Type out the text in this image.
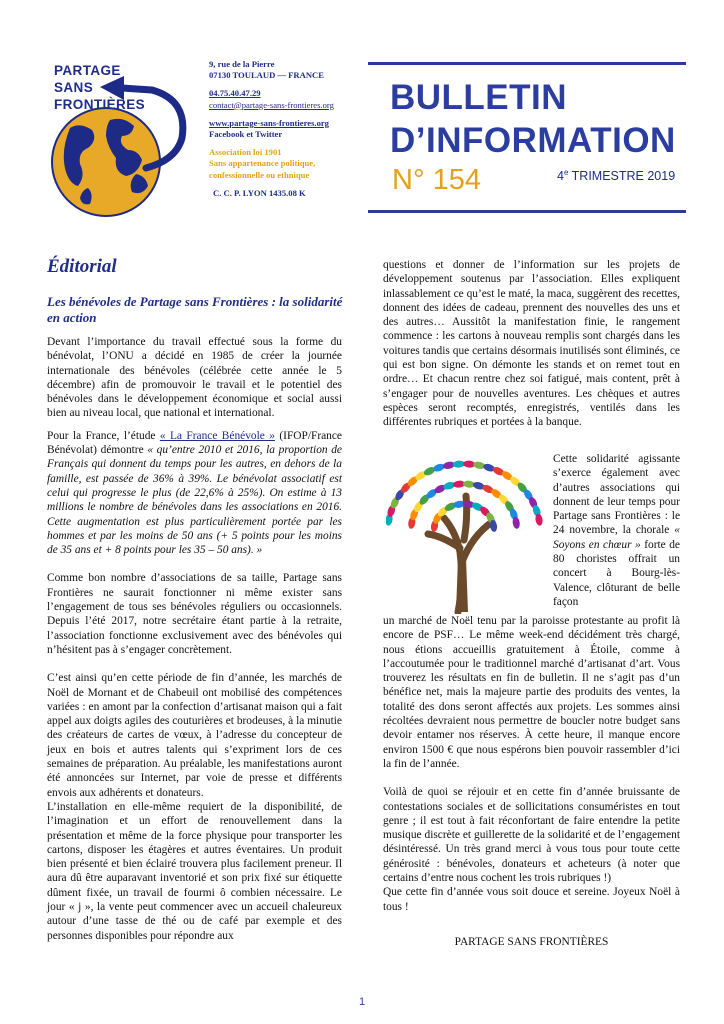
PARTAGE
SANS
FRONTIÈRES
9, rue de la Pierre
07130 TOULAUD — FRANCE
04.75.40.47.29
contact@partage-sans-frontieres.org
www.partage-sans-frontieres.org
Facebook et Twitter
Association loi 1901
Sans appartenance politique,
confessionnelle ou ethnique
C. C. P. LYON 1435.08 K
BULLETIN
D’INFORMATION
N° 154	4e TRIMESTRE 2019
Éditorial
Les bénévoles de Partage sans Frontières : la solidarité en action

Devant l’importance du travail effectué sous la forme du bénévolat, l’ONU a décidé en 1985 de créer la journée internationale des bénévoles (célébrée cette année le 5 décembre) afin de promouvoir le travail et le potentiel des bénévoles dans le développement économique et social aussi bien au niveau local, que national et international.

Pour la France, l’étude « La France Bénévole » (IFOP/France Bénévolat) démontre « qu’entre 2010 et 2016, la proportion de Français qui donnent du temps pour les autres, en dehors de la famille, est passée de 36% à 39%. Le bénévolat associatif est celui qui progresse le plus (de 22,6% à 25%). On estime à 13 millions le nombre de bénévoles dans les associations en 2016. Cette augmentation est plus particulièrement portée par les hommes et par les moins de 50 ans (+ 5 points pour les moins de 35 ans et + 8 points pour les 35 – 50 ans). »

Comme bon nombre d’associations de sa taille, Partage sans Frontières ne saurait fonctionner ni même exister sans l’engagement de tous ses bénévoles réguliers ou occasionnels. Depuis l’été 2017, notre secrétaire étant partie à la retraite, l’association fonctionne exclusivement avec des bénévoles qui n’hésitent pas à s’engager concrètement.

C’est ainsi qu’en cette période de fin d’année, les marchés de Noël de Mornant et de Chabeuil ont mobilisé des compétences variées : en amont par la confection d’artisanat maison qui a fait appel aux doigts agiles des couturières et brodeuses, à la minutie des créateurs de cartes de vœux, à l’adresse du concepteur de jeux en bois et autres talents qui s’expriment lors de ces semaines de préparation. Au préalable, les manifestations auront été annoncées sur Internet, par voie de presse et différents envois aux adhérents et donateurs.

L’installation en elle-même requiert de la disponibilité, de l’imagination et un effort de renouvellement dans la présentation et même de la force physique pour transporter les cartons, disposer les étagères et autres éventaires. Un produit bien présenté et bien éclairé trouvera plus facilement preneur. Il aura dû être auparavant inventorié et son prix fixé sur étiquette dûment fixée, un travail de fourmi ô combien nécessaire. Le jour « j », la vente peut commencer avec un accueil chaleureux autour d’une tasse de thé ou de café par exemple et des personnes disponibles pour répondre aux

questions et donner de l’information sur les projets de développement soutenus par l’association. Elles expliquent inlassablement ce qu’est le maté, la maca, suggèrent des recettes, donnent des idées de cadeau, prennent des nouvelles des uns et des autres… Aussitôt la manifestation finie, le rangement commence : les cartons à nouveau remplis sont chargés dans les voitures tandis que certains désormais inutilisés sont éliminés, ce qui est bon signe. On démonte les stands et on remet tout en ordre… Et chacun rentre chez soi fatigué, mais content, prêt à s’engager pour de nouvelles aventures. Les chèques et autres espèces seront recomptés, enregistrés, ventilés dans les différentes rubriques et portées à la banque.

Cette solidarité agissante s’exerce également avec d’autres associations qui donnent de leur temps pour Partage sans Frontières : le 24 novembre, la chorale « Soyons en chœur » forte de 80 choristes offrait un concert à Bourg-lès-Valence, clôturant de belle façon

un marché de Noël tenu par la paroisse protestante au profit là encore de PSF… Le même week-end décidément très chargé, nous étions accueillis gratuitement à Étoile, comme à l’accoutumée pour le traditionnel marché d’artisanat d’art. Vous trouverez les résultats en fin de bulletin. Il ne s’agit pas d’un bénéfice net, mais la majeure partie des produits des ventes, la totalité des dons seront affectés aux projets. Les sommes ainsi récoltées devraient nous permettre de boucler notre budget sans devoir entamer nos réserves. À cette heure, il manque encore environ 1500 € que nous espérons bien pouvoir rassembler d’ici la fin de l’année.

Voilà de quoi se réjouir et en cette fin d’année bruissante de contestations sociales et de sollicitations consuméristes en tout genre ; il est tout à fait réconfortant de faire entendre la petite musique discrète et guillerette de la solidarité et de l’engagement désintéressé. Un très grand merci à vous tous pour toute cette générosité : bénévoles, donateurs et acheteurs (à noter que certains d’entre nous cochent les trois rubriques !)

Que cette fin d’année vous soit douce et sereine. Joyeux Noël à tous !

PARTAGE SANS FRONTIÈRES
1
